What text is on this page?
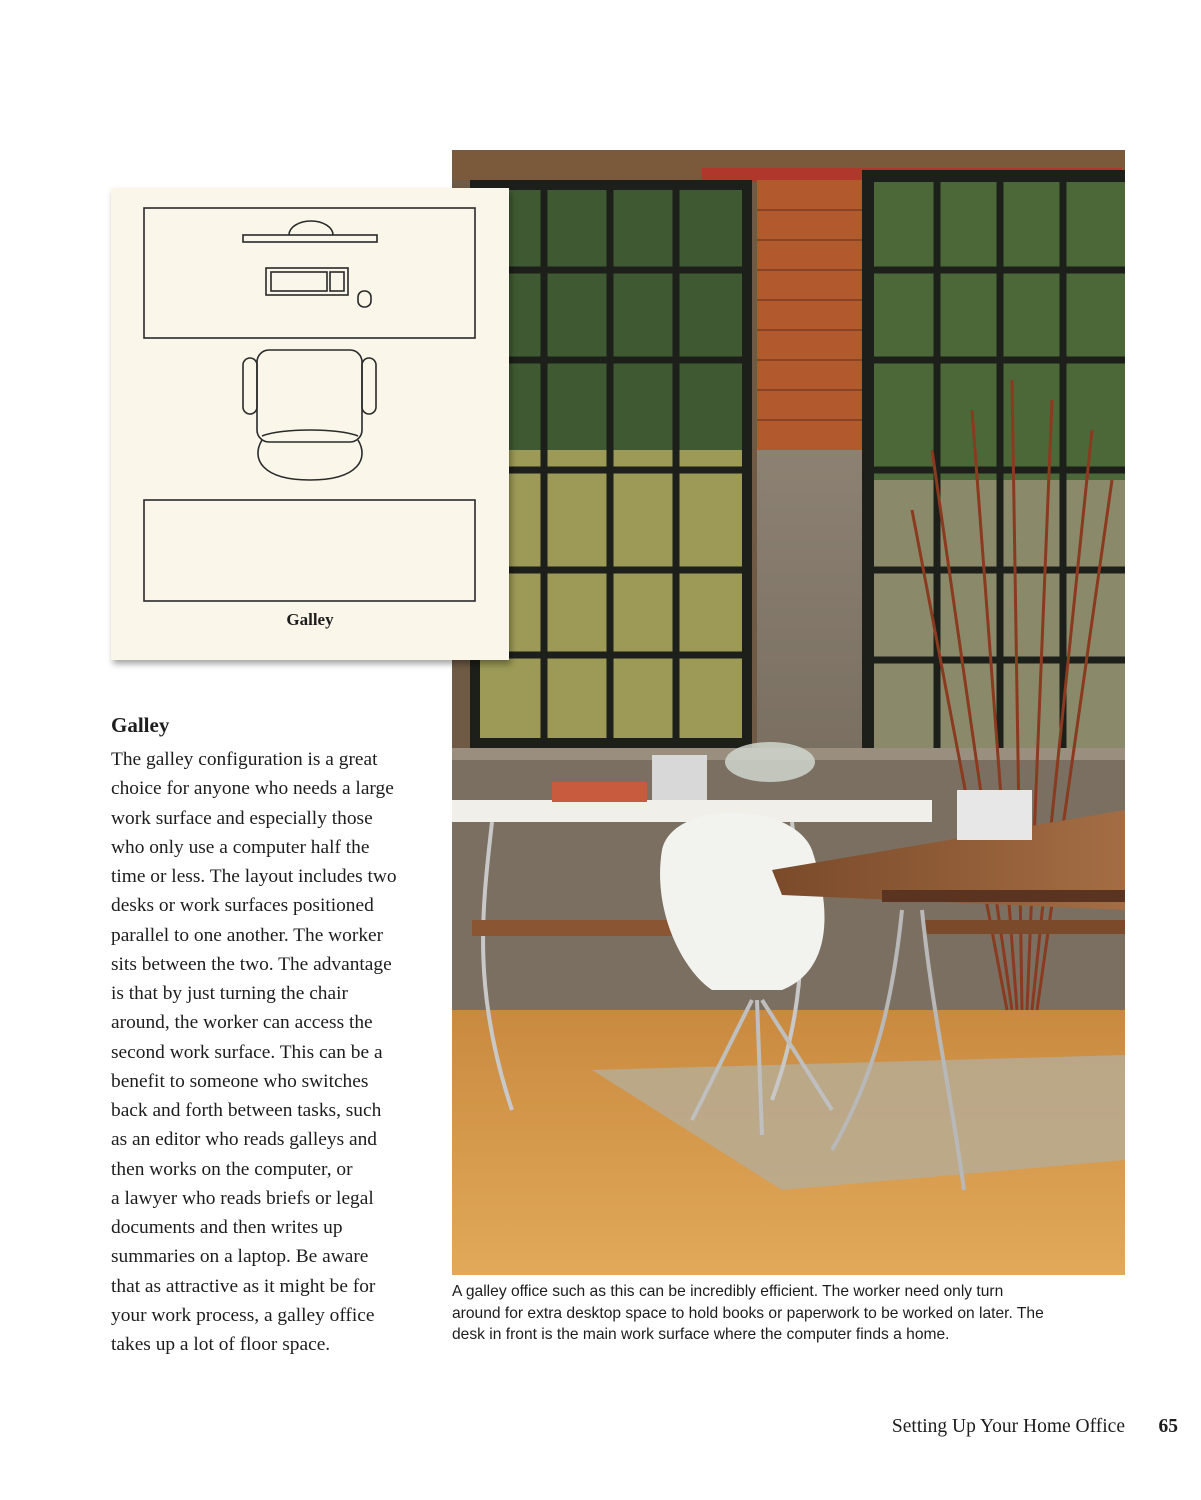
Galley
Galley

The galley configuration is a great
choice for anyone who needs a large
work surface and especially those
who only use a computer half the
time or less. The layout includes two
desks or work surfaces positioned
parallel to one another. The worker
sits between the two. The advantage
is that by just turning the chair
around, the worker can access the
second work surface. This can be a
benefit to someone who switches
back and forth between tasks, such
as an editor who reads galleys and
then works on the computer, or
a lawyer who reads briefs or legal
documents and then writes up
summaries on a laptop. Be aware
that as attractive as it might be for
your work process, a galley office
takes up a lot of floor space.

A galley office such as this can be incredibly efficient. The worker need only turn
around for extra desktop space to hold books or paperwork to be worked on later. The
desk in front is the main work surface where the computer finds a home.

Setting Up Your Home Office 65
